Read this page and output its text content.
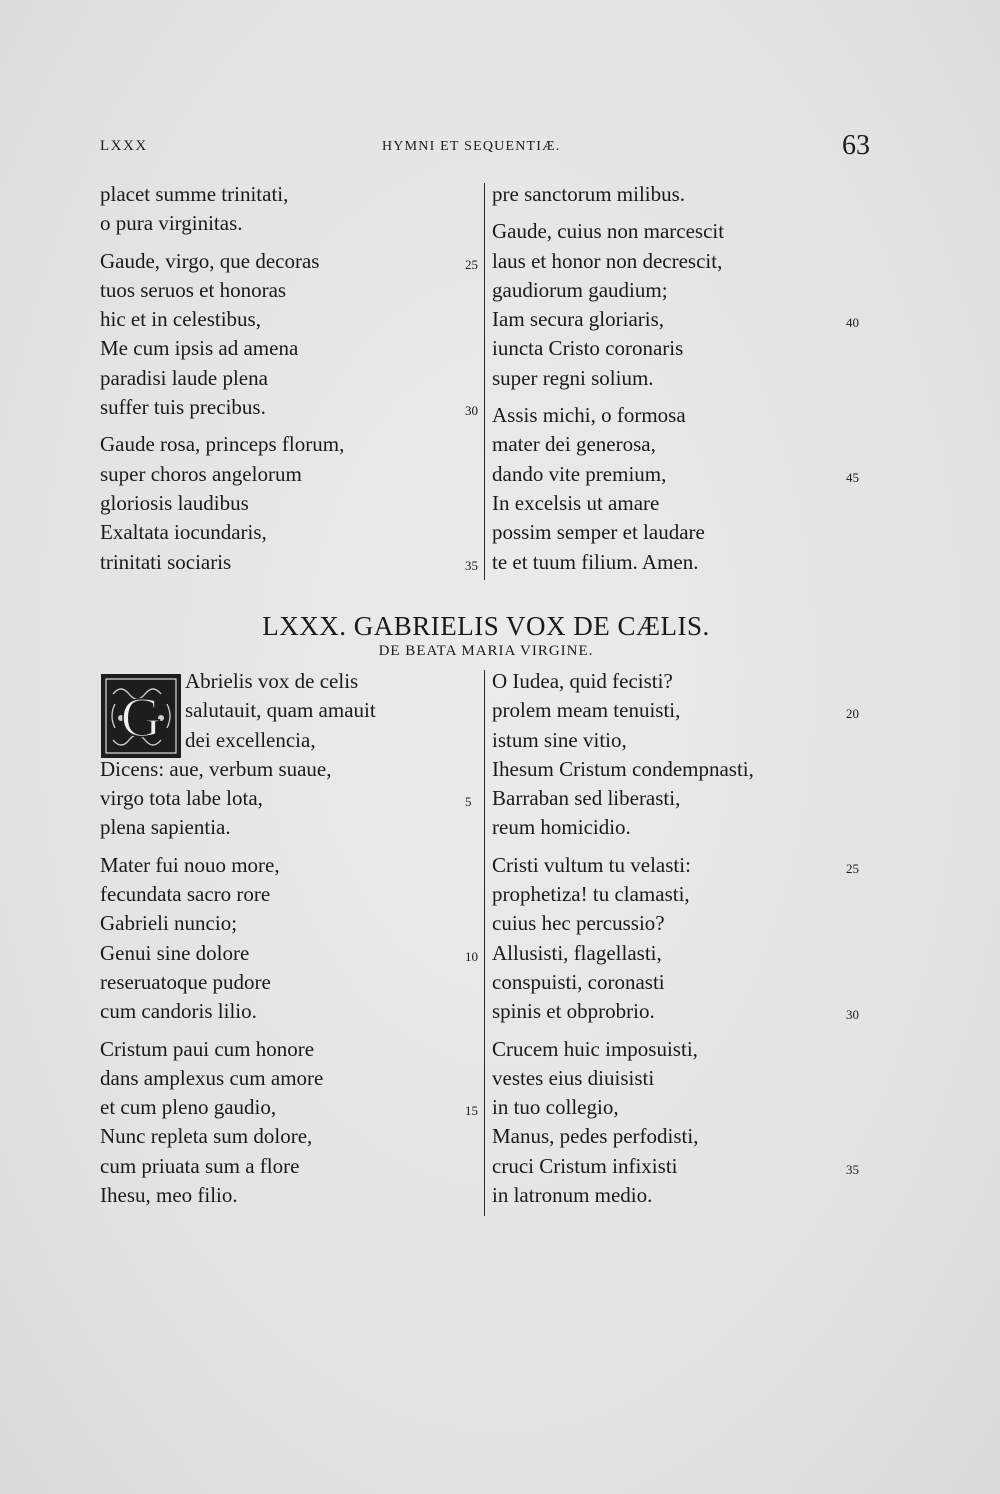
LXXX	HYMNI ET SEQUENTIÆ.	63
placet summe trinitati,
o pura virginitas.
Gaude, virgo, que decoras	25
tuos seruos et honoras
hic et in celestibus,
Me cum ipsis ad amena
paradisi laude plena
suffer tuis precibus.	30
Gaude rosa, princeps florum,
super choros angelorum
gloriosis laudibus
Exaltata iocundaris,
trinitati sociaris	35
pre sanctorum milibus.
Gaude, cuius non marcescit
laus et honor non decrescit,
gaudiorum gaudium;
Iam secura gloriaris,	40
iuncta Cristo coronaris
super regni solium.
Assis michi, o formosa
mater dei generosa,
dando vite premium,	45
In excelsis ut amare
possim semper et laudare
te et tuum filium. Amen.
LXXX. GABRIELIS VOX DE CÆLIS.
DE BEATA MARIA VIRGINE.
G
Abrielis vox de celis
salutauit, quam amauit
dei excellencia,
Dicens: aue, verbum suaue,
virgo tota labe lota,	5
plena sapientia.
Mater fui nouo more,
fecundata sacro rore
Gabrieli nuncio;
Genui sine dolore	10
reseruatoque pudore
cum candoris lilio.
Cristum paui cum honore
dans amplexus cum amore
et cum pleno gaudio,	15
Nunc repleta sum dolore,
cum priuata sum a flore
Ihesu, meo filio.
O Iudea, quid fecisti?
prolem meam tenuisti,	20
istum sine vitio,
Ihesum Cristum condempnasti,
Barraban sed liberasti,
reum homicidio.
Cristi vultum tu velasti:	25
prophetiza! tu clamasti,
cuius hec percussio?
Allusisti, flagellasti,
conspuisti, coronasti
spinis et obprobrio.	30
Crucem huic imposuisti,
vestes eius diuisisti
in tuo collegio,
Manus, pedes perfodisti,
cruci Cristum infixisti	35
in latronum medio.
